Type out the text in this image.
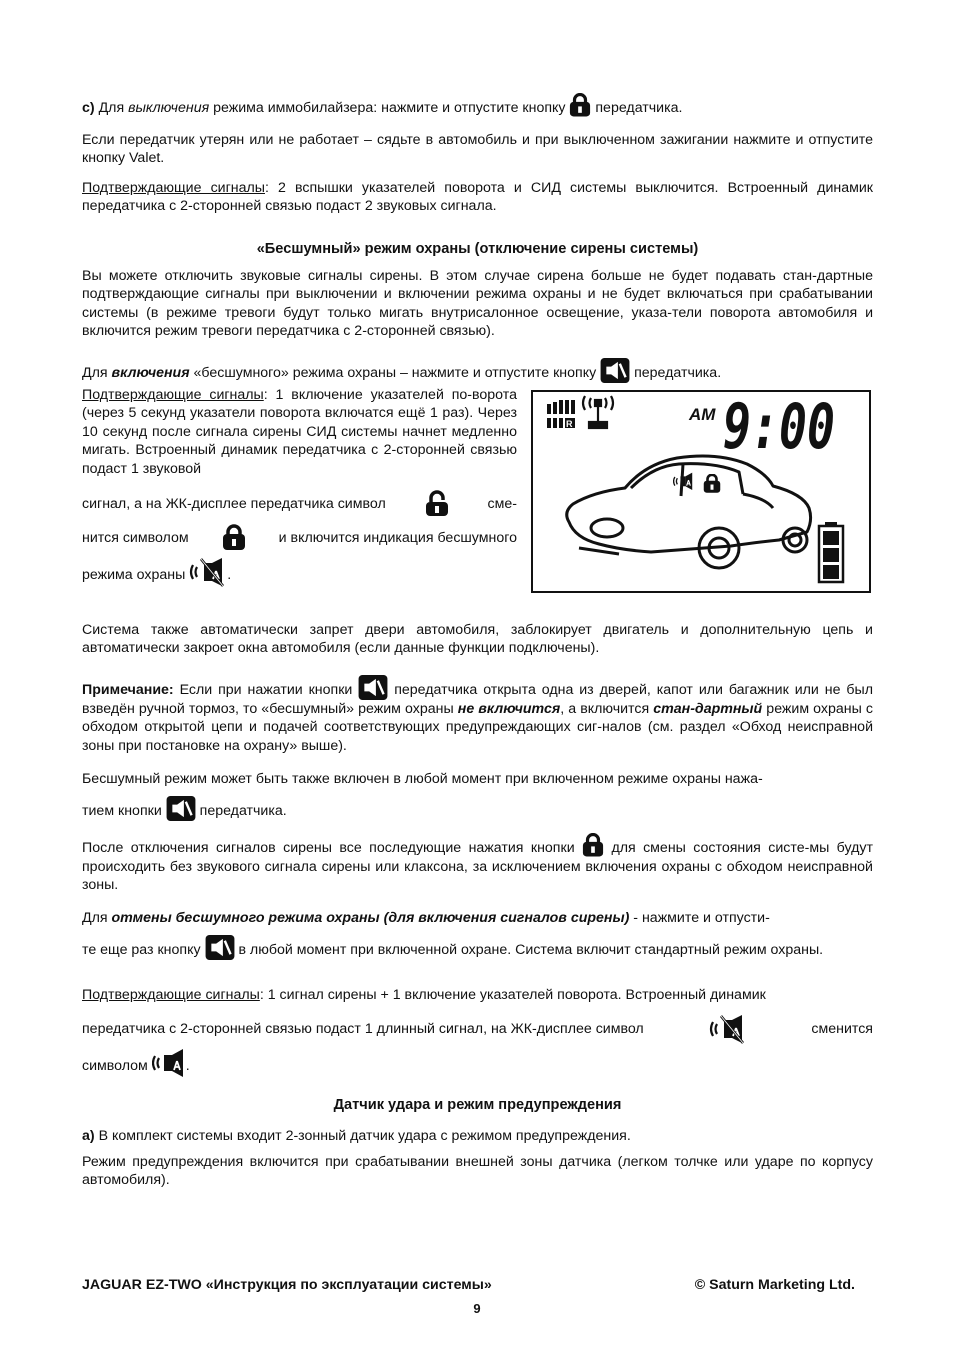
c) Для выключения режима иммобилайзера: нажмите и отпустите кнопку  передатчика.
Если передатчик утерян или не работает – сядьте в автомобиль и при выключенном зажигании нажмите и отпустите кнопку Valet.
Подтверждающие сигналы: 2 вспышки указателей поворота и СИД системы выключится. Встроенный динамик передатчика с 2-сторонней связью подаст 2 звуковых сигнала.
«Бесшумный» режим охраны (отключение сирены системы)
Вы можете отключить звуковые сигналы сирены. В этом случае сирена больше не будет подавать стан-дартные подтверждающие сигналы при выключении и включении режима охраны и не будет включаться при срабатывании системы (в режиме тревоги будут только мигать внутрисалонное освещение, указа-тели поворота автомобиля и включится режим тревоги передатчика с 2-сторонней связью).
Для включения «бесшумного» режима охраны – нажмите и отпустите кнопку  передатчика.
Подтверждающие сигналы: 1 включение указателей по-ворота (через 5 секунд указатели поворота включатся ещё 1 раз). Через 10 секунд после сигнала сирены СИД системы начнет медленно мигать. Встроенный динамик передатчика с 2-сторонней связью подаст 1 звуковой
сигнал, а на ЖК-дисплее передатчика символ	сме-
нится символом	и включится индикация бесшумного
режима охраны	.
R	AM 9:00
Система также автоматически запрет двери автомобиля, заблокирует двигатель и дополнительную цепь и автоматически закроет окна автомобиля (если данные функции подключены).
Примечание: Если при нажатии кнопки  передатчика открыта одна из дверей, капот или багажник или не был взведён ручной тормоз, то «бесшумный» режим охраны не включится, а включится стан-дартный режим охраны с обходом открытой цепи и подачей соответствующих предупреждающих сиг-налов (см. раздел «Обход неисправной зоны при постановке на охрану» выше).
Бесшумный режим может быть также включен в любой момент при включенном режиме охраны нажа-
тием кнопки  передатчика.
После отключения сигналов сирены все последующие нажатия кнопки  для смены состояния систе-мы будут происходить без звукового сигнала сирены или клаксона, за исключением включения охраны с обходом неисправной зоны.
Для отмены бесшумного режима охраны (для включения сигналов сирены) - нажмите и отпусти-
те еще раз кнопку  в любой момент при включенной охране. Система включит стандартный режим охраны.
Подтверждающие сигналы: 1 сигнал сирены + 1 включение указателей поворота. Встроенный динамик
передатчика с 2-сторонней связью подаст 1 длинный сигнал, на ЖК-дисплее символ	сменится
символом .
Датчик удара и режим предупреждения
a) В комплект системы входит 2-зонный датчик удара с режимом предупреждения.
Режим предупреждения включится при срабатывании внешней зоны датчика (легком толчке или ударе по корпусу автомобиля).
JAGUAR EZ-TWO «Инструкция по эксплуатации системы»	© Saturn Marketing Ltd.
9
